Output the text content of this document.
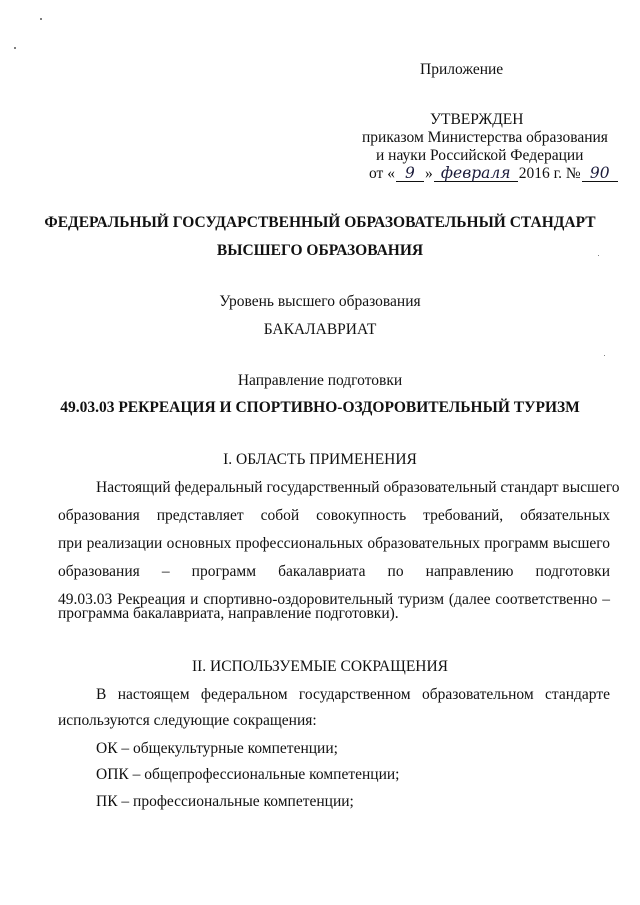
Приложение
УТВЕРЖДЕН
приказом Министерства образования
и науки Российской Федерации
от « 9 » февраля 2016 г. № 90
ФЕДЕРАЛЬНЫЙ ГОСУДАРСТВЕННЫЙ ОБРАЗОВАТЕЛЬНЫЙ СТАНДАРТ
ВЫСШЕГО ОБРАЗОВАНИЯ
Уровень высшего образования
БАКАЛАВРИАТ
Направление подготовки
49.03.03 РЕКРЕАЦИЯ И СПОРТИВНО-ОЗДОРОВИТЕЛЬНЫЙ ТУРИЗМ
I. ОБЛАСТЬ ПРИМЕНЕНИЯ
Настоящий федеральный государственный образовательный стандарт высшего
образования представляет собой совокупность требований, обязательных
при реализации основных профессиональных образовательных программ высшего
образования – программ бакалавриата по направлению подготовки
49.03.03 Рекреация и спортивно-оздоровительный туризм (далее соответственно –
программа бакалавриата, направление подготовки).
II. ИСПОЛЬЗУЕМЫЕ СОКРАЩЕНИЯ
В настоящем федеральном государственном образовательном стандарте
используются следующие сокращения:
ОК – общекультурные компетенции;
ОПК – общепрофессиональные компетенции;
ПК – профессиональные компетенции;
